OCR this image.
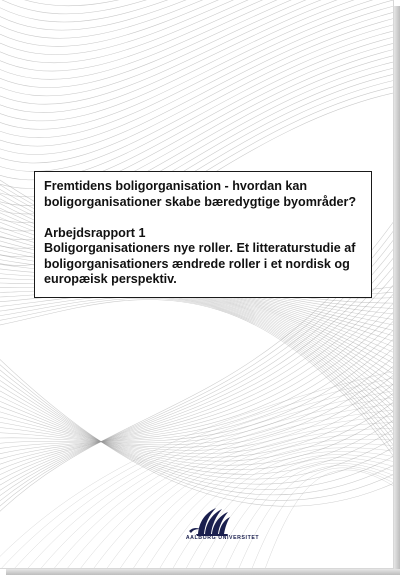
Fremtidens boligorganisation - hvordan kan

boligorganisationer skabe bæredygtige byområder?

Arbejdsrapport 1

Boligorganisationers nye roller. Et litteraturstudie af

boligorganisationers ændrede roller i et nordisk og

europæisk perspektiv.

AALBORG UNIVERSITET
